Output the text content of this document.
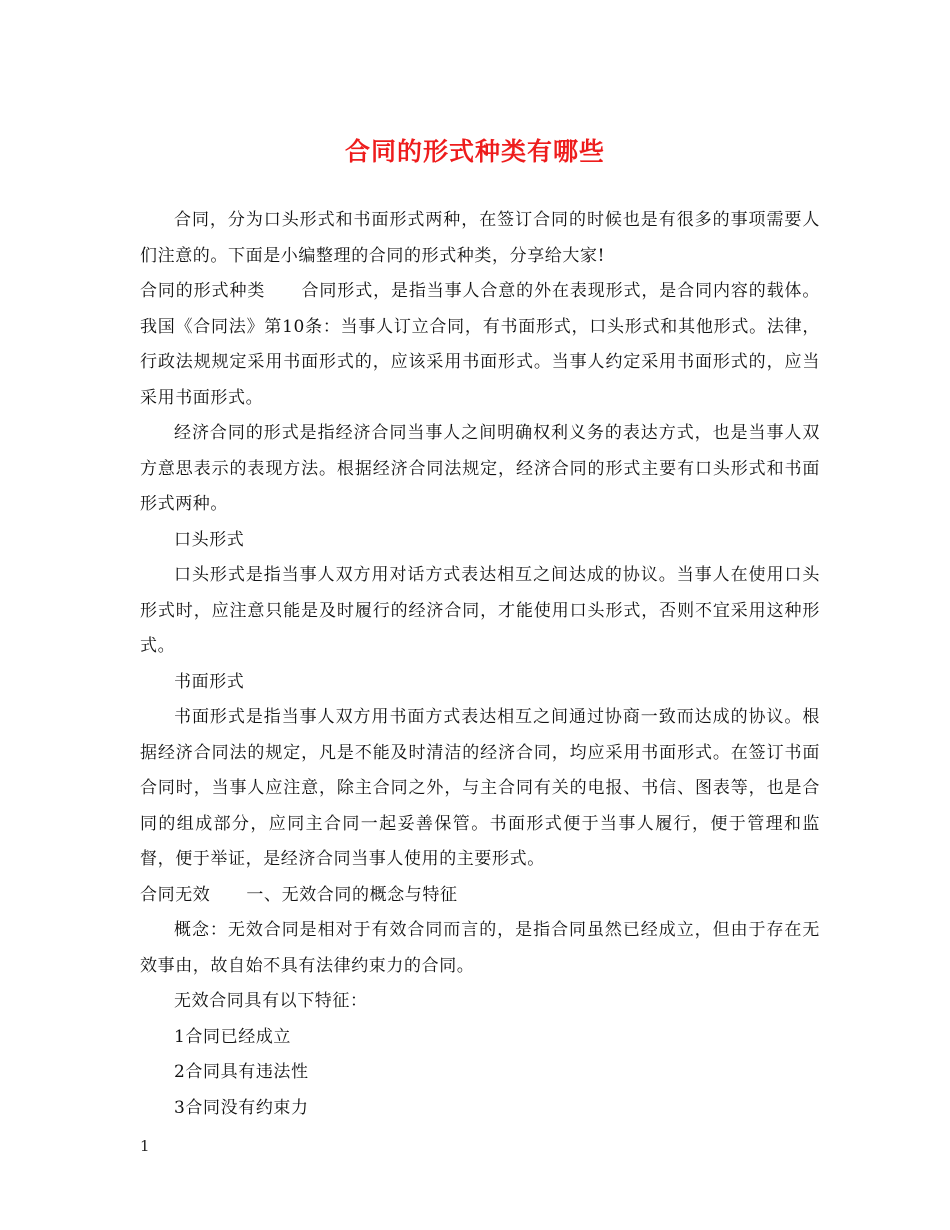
合同的形式种类有哪些

合同，分为口头形式和书面形式两种，在签订合同的时候也是有很多的事项需要人们注意的。下面是小编整理的合同的形式种类，分享给大家!

合同的形式种类 合同形式，是指当事人合意的外在表现形式，是合同内容的载体。我国《合同法》第10条：当事人订立合同，有书面形式，口头形式和其他形式。法律，行政法规规定采用书面形式的，应该采用书面形式。当事人约定采用书面形式的，应当采用书面形式。

经济合同的形式是指经济合同当事人之间明确权利义务的表达方式，也是当事人双方意思表示的表现方法。根据经济合同法规定，经济合同的形式主要有口头形式和书面形式两种。

口头形式

口头形式是指当事人双方用对话方式表达相互之间达成的协议。当事人在使用口头形式时，应注意只能是及时履行的经济合同，才能使用口头形式，否则不宜采用这种形式。

书面形式

书面形式是指当事人双方用书面方式表达相互之间通过协商一致而达成的协议。根据经济合同法的规定，凡是不能及时清洁的经济合同，均应采用书面形式。在签订书面合同时，当事人应注意，除主合同之外，与主合同有关的电报、书信、图表等，也是合同的组成部分，应同主合同一起妥善保管。书面形式便于当事人履行，便于管理和监督，便于举证，是经济合同当事人使用的主要形式。

合同无效 一、无效合同的概念与特征

概念：无效合同是相对于有效合同而言的，是指合同虽然已经成立，但由于存在无效事由，故自始不具有法律约束力的合同。

无效合同具有以下特征：

1合同已经成立

2合同具有违法性

3合同没有约束力

1
